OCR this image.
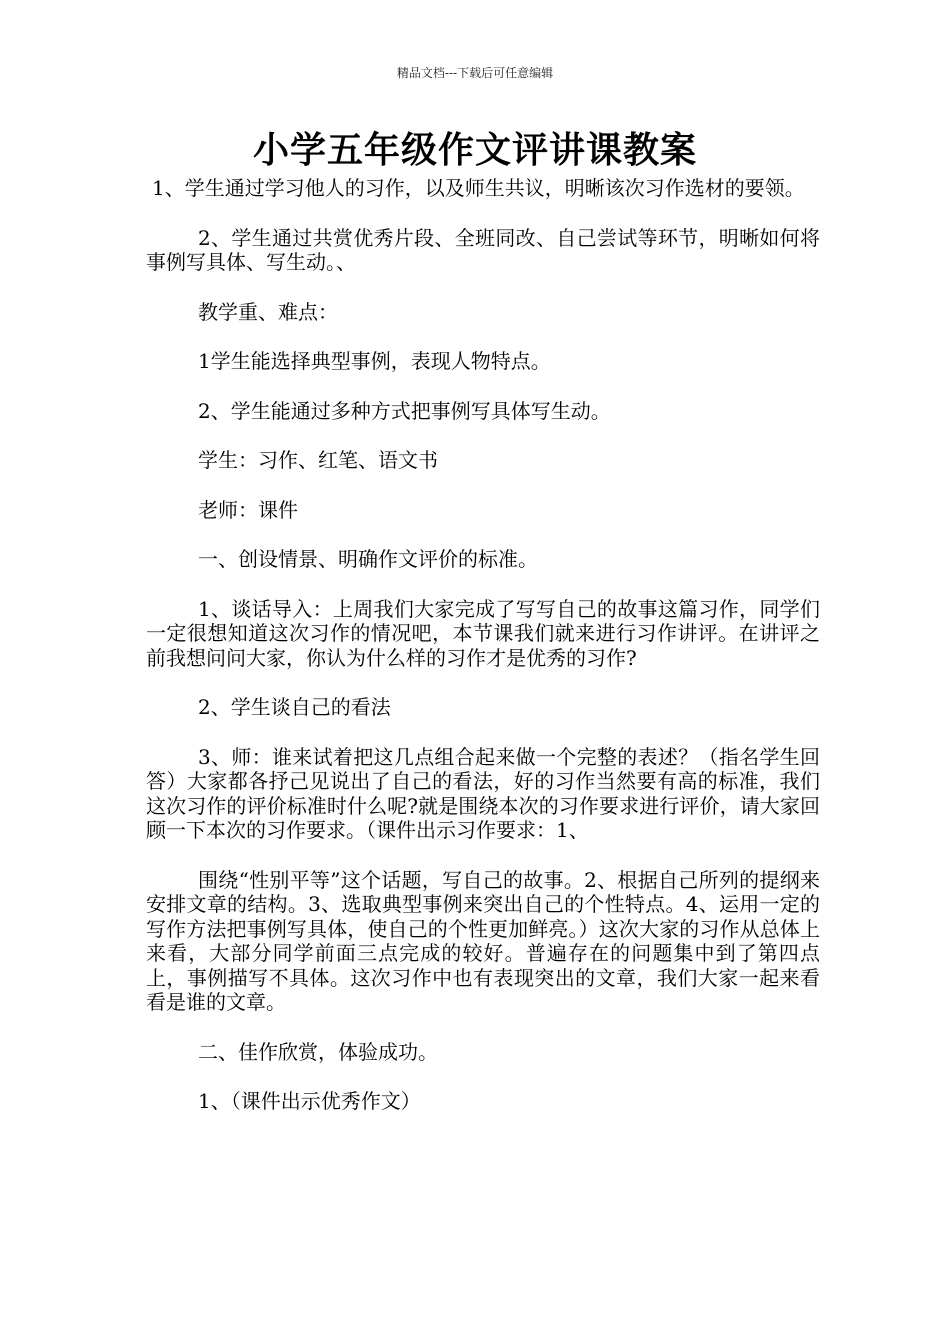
精品文档---下载后可任意编辑
小学五年级作文评讲课教案

1、学生通过学习他人的习作，以及师生共议，明晰该次习作选材的要领。

2、学生通过共赏优秀片段、全班同改、自己尝试等环节，明晰如何将事例写具体、写生动。、

教学重、难点：

1学生能选择典型事例，表现人物特点。

2、学生能通过多种方式把事例写具体写生动。

学生：习作、红笔、语文书

老师：课件

一、创设情景、明确作文评价的标准。

1、谈话导入：上周我们大家完成了写写自己的故事这篇习作，同学们一定很想知道这次习作的情况吧，本节课我们就来进行习作讲评。在讲评之前我想问问大家，你认为什么样的习作才是优秀的习作?

2、学生谈自己的看法

3、师：谁来试着把这几点组合起来做一个完整的表述？（指名学生回答）大家都各抒己见说出了自己的看法，好的习作当然要有高的标准，我们这次习作的评价标准时什么呢?就是围绕本次的习作要求进行评价，请大家回顾一下本次的习作要求。（课件出示习作要求：1、

围绕“性别平等”这个话题，写自己的故事。2、根据自己所列的提纲来安排文章的结构。3、选取典型事例来突出自己的个性特点。4、运用一定的写作方法把事例写具体，使自己的个性更加鲜亮。）这次大家的习作从总体上来看，大部分同学前面三点完成的较好。普遍存在的问题集中到了第四点上，事例描写不具体。这次习作中也有表现突出的文章，我们大家一起来看看是谁的文章。

二、佳作欣赏，体验成功。

1、（课件出示优秀作文）
